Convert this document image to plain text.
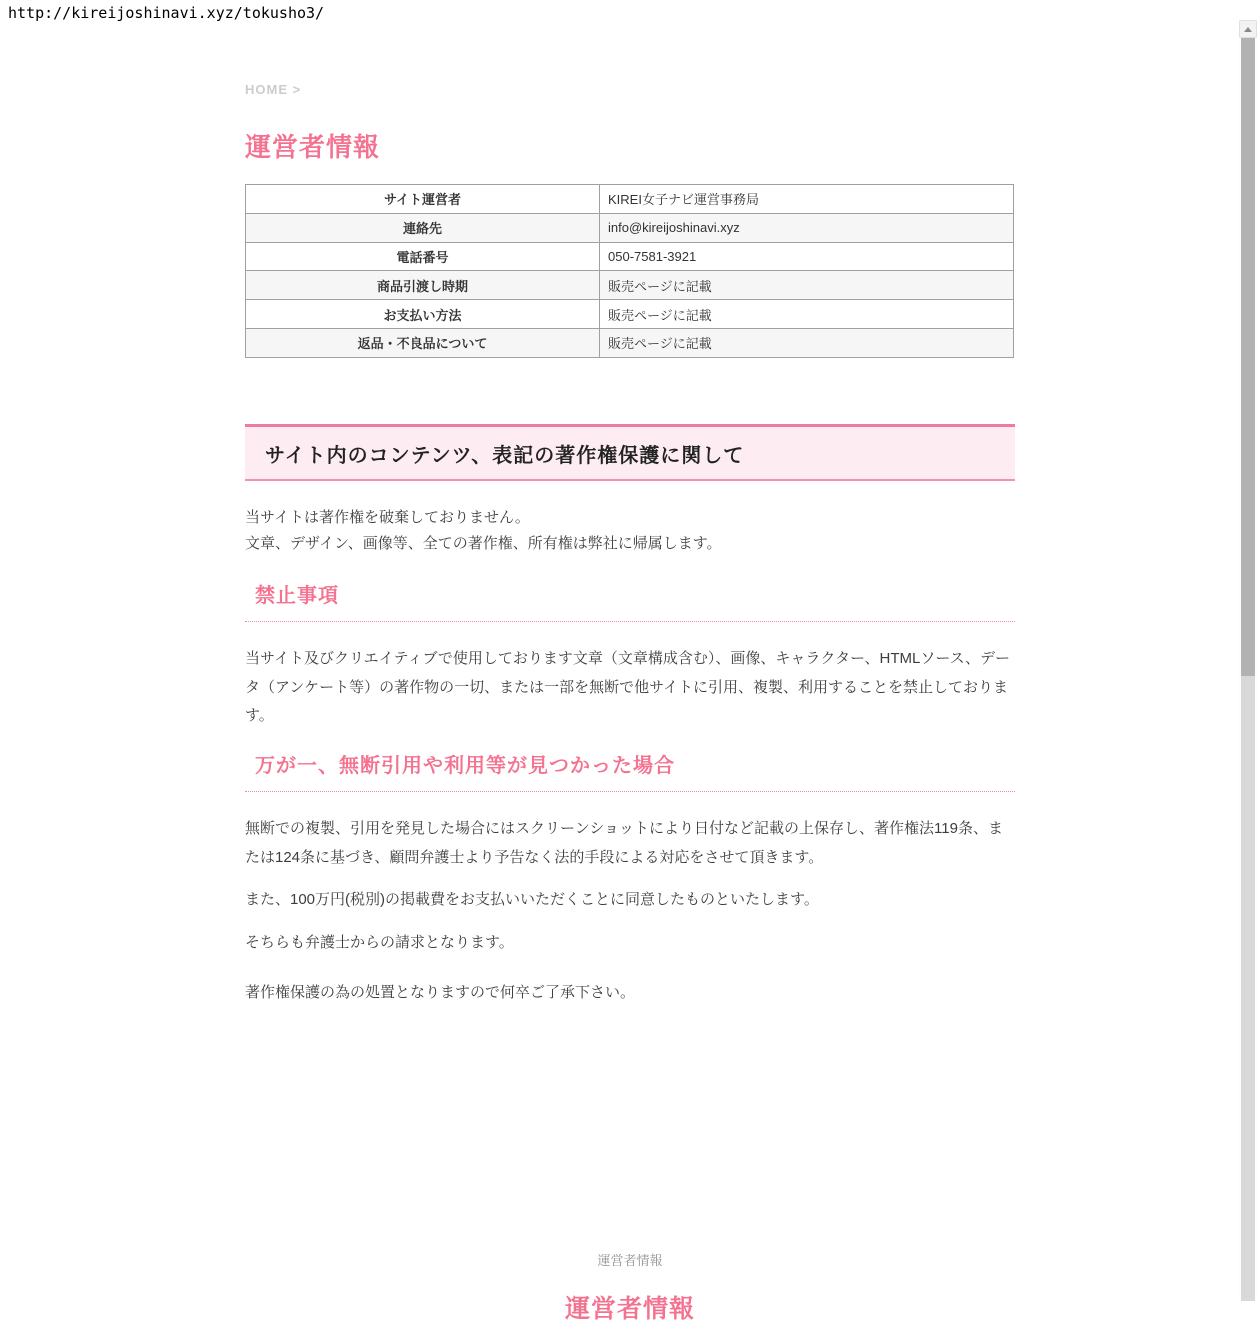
http://kireijoshinavi.xyz/tokusho3/
HOME >
運営者情報
サイト運営者	KIREI女子ナビ運営事務局
連絡先	info@kireijoshinavi.xyz
電話番号	050-7581-3921
商品引渡し時期	販売ページに記載
お支払い方法	販売ページに記載
返品・不良品について	販売ページに記載
サイト内のコンテンツ、表記の著作権保護に関して
当サイトは著作権を破棄しておりません。
文章、デザイン、画像等、全ての著作権、所有権は弊社に帰属します。
禁止事項

当サイト及びクリエイティブで使用しております文章（文章構成含む）、画像、キャラクター、HTMLソース、データ（アンケート等）の著作物の一切、または一部を無断で他サイトに引用、複製、利用することを禁止しております。

万が一、無断引用や利用等が見つかった場合

無断での複製、引用を発見した場合にはスクリーンショットにより日付など記載の上保存し、著作権法119条、または124条に基づき、顧問弁護士より予告なく法的手段による対応をさせて頂きます。

また、100万円(税別)の掲載費をお支払いいただくことに同意したものといたします。

そちらも弁護士からの請求となります。

著作権保護の為の処置となりますので何卒ご了承下さい。

運営者情報
運営者情報
